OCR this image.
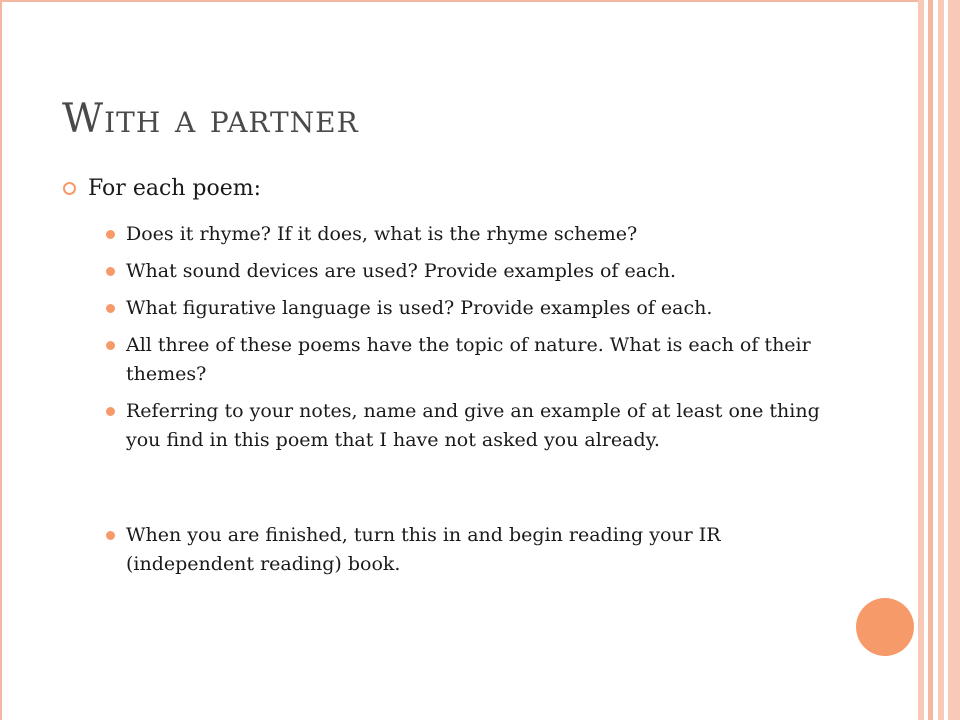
With a partner
For each poem:
Does it rhyme? If it does, what is the rhyme scheme?
What sound devices are used? Provide examples of each.
What figurative language is used? Provide examples of each.
All three of these poems have the topic of nature. What is each of their themes?
Referring to your notes, name and give an example of at least one thing you find in this poem that I have not asked you already.
When you are finished, turn this in and begin reading your IR (independent reading) book.
